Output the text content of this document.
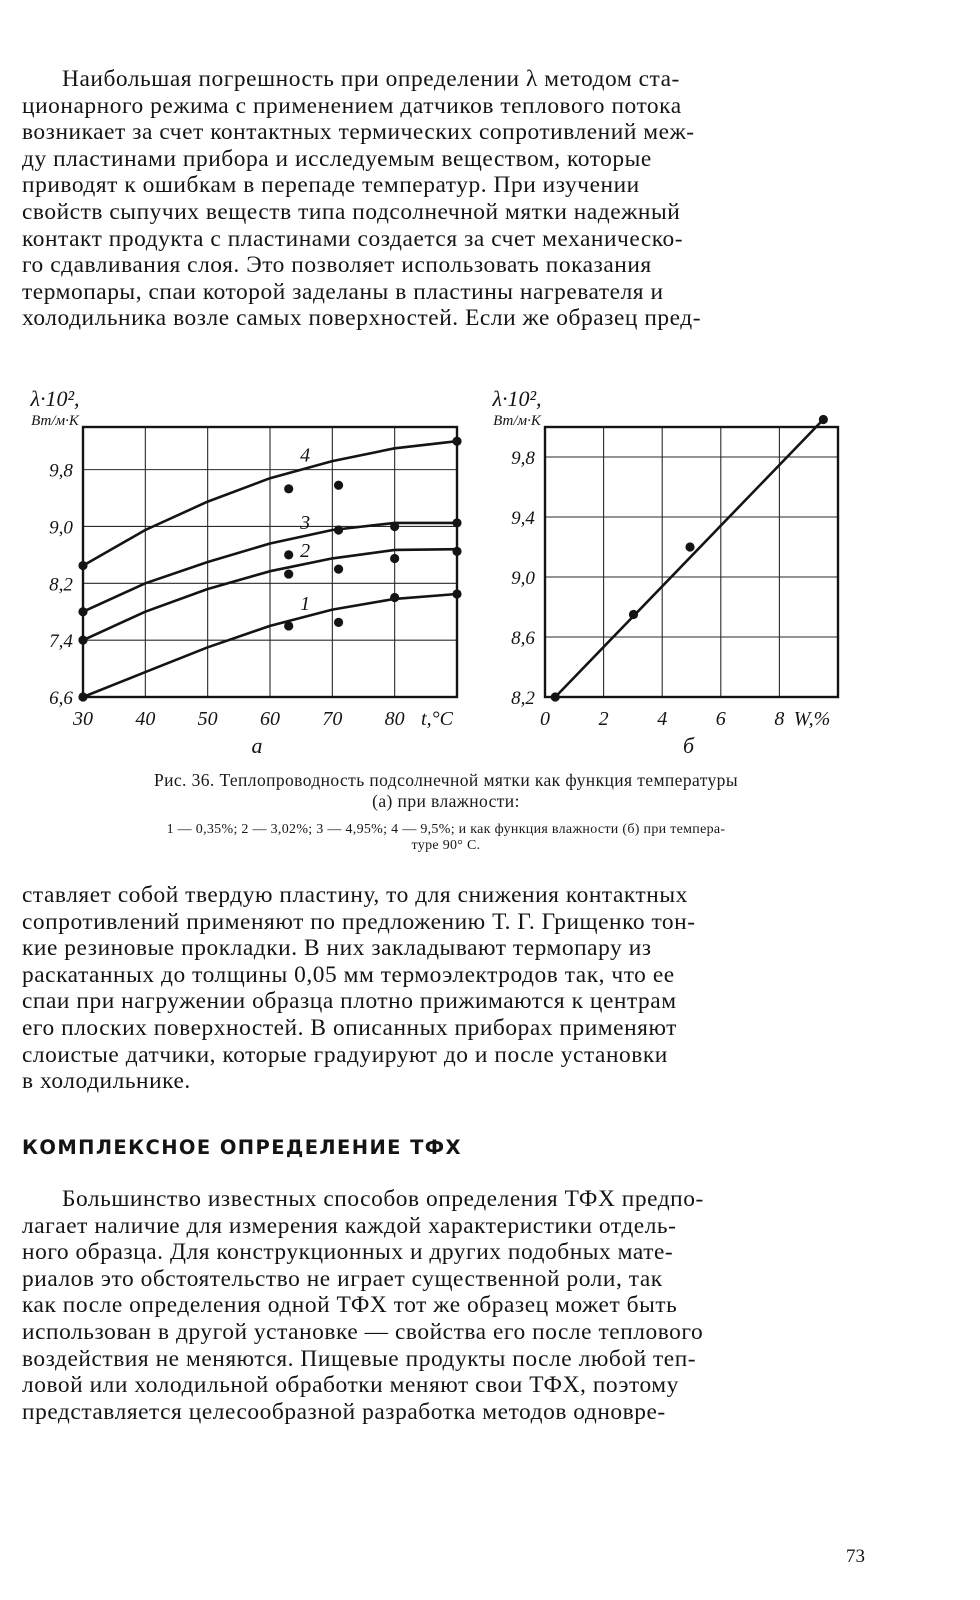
Наибольшая погрешность при определении λ методом ста-
ционарного режима с применением датчиков теплового потока
возникает за счет контактных термических сопротивлений меж-
ду пластинами прибора и исследуемым веществом, которые
приводят к ошибкам в перепаде температур. При изучении
свойств сыпучих веществ типа подсолнечной мятки надежный
контакт продукта с пластинами создается за счет механическо-
го сдавливания слоя. Это позволяет использовать показания
термопары, спаи которой заделаны в пластины нагревателя и
холодильника возле самых поверхностей. Если же образец пред-

λ·10²,
Вт/м·К
6,6
7,4
8,2
9,0
9,8
30 40 50 60 70 80 t,°С
а
1
2
3
4
λ·10²,
Вт/м·К
8,2
8,6
9,0
9,4
9,8
0 2 4 6 8 W,%
б

Рис. 36. Теплопроводность подсолнечной мятки как функция температуры
(а) при влажности:

1 — 0,35%; 2 — 3,02%; 3 — 4,95%; 4 — 9,5%; и как функция влажности (б) при темпера-
туре 90° С.

ставляет собой твердую пластину, то для снижения контактных
сопротивлений применяют по предложению Т. Г. Грищенко тон-
кие резиновые прокладки. В них закладывают термопару из
раскатанных до толщины 0,05 мм термоэлектродов так, что ее
спаи при нагружении образца плотно прижимаются к центрам
его плоских поверхностей. В описанных приборах применяют
слоистые датчики, которые градуируют до и после установки
в холодильнике.

КОМПЛЕКСНОЕ ОПРЕДЕЛЕНИЕ ТФХ

Большинство известных способов определения ТФХ предпо-
лагает наличие для измерения каждой характеристики отдель-
ного образца. Для конструкционных и других подобных мате-
риалов это обстоятельство не играет существенной роли, так
как после определения одной ТФХ тот же образец может быть
использован в другой установке — свойства его после теплового
воздействия не меняются. Пищевые продукты после любой теп-
ловой или холодильной обработки меняют свои ТФХ, поэтому
представляется целесообразной разработка методов одновре-

73
